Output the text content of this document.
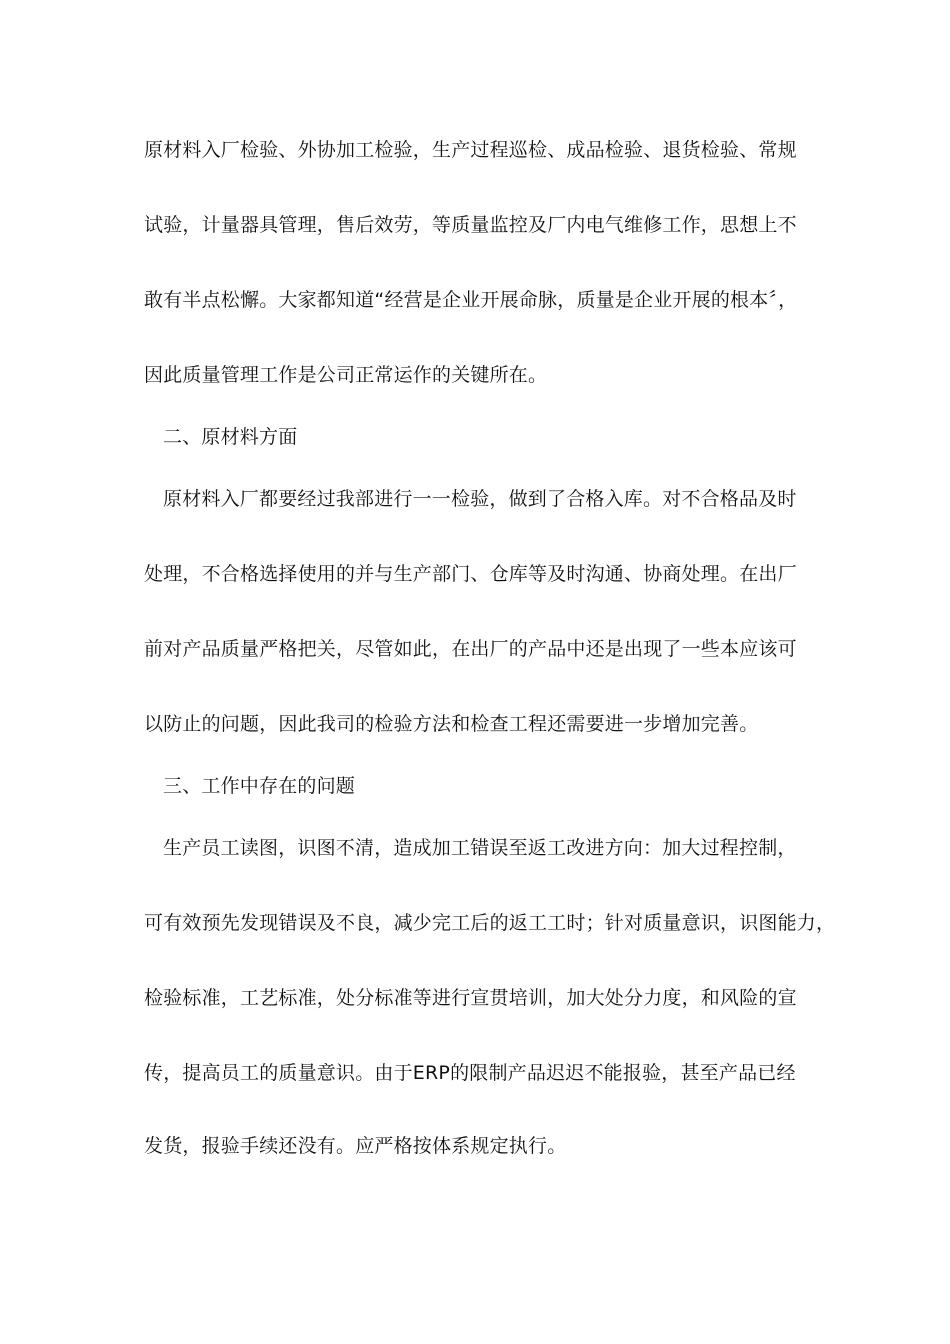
原材料入厂检验、外协加工检验，生产过程巡检、成品检验、退货检验、常规
试验，计量器具管理，售后效劳，等质量监控及厂内电气维修工作，思想上不
敢有半点松懈。大家都知道“经营是企业开展命脉，质量是企业开展的根本〞，
因此质量管理工作是公司正常运作的关键所在。
二、原材料方面
原材料入厂都要经过我部进行一一检验，做到了合格入库。对不合格品及时
处理，不合格选择使用的并与生产部门、仓库等及时沟通、协商处理。在出厂
前对产品质量严格把关，尽管如此，在出厂的产品中还是出现了一些本应该可
以防止的问题，因此我司的检验方法和检查工程还需要进一步增加完善。
三、工作中存在的问题
生产员工读图，识图不清，造成加工错误至返工改进方向：加大过程控制，
可有效预先发现错误及不良，减少完工后的返工工时；针对质量意识，识图能力，
检验标准，工艺标准，处分标准等进行宣贯培训，加大处分力度，和风险的宣
传，提高员工的质量意识。由于ERP的限制产品迟迟不能报验，甚至产品已经
发货，报验手续还没有。应严格按体系规定执行。
